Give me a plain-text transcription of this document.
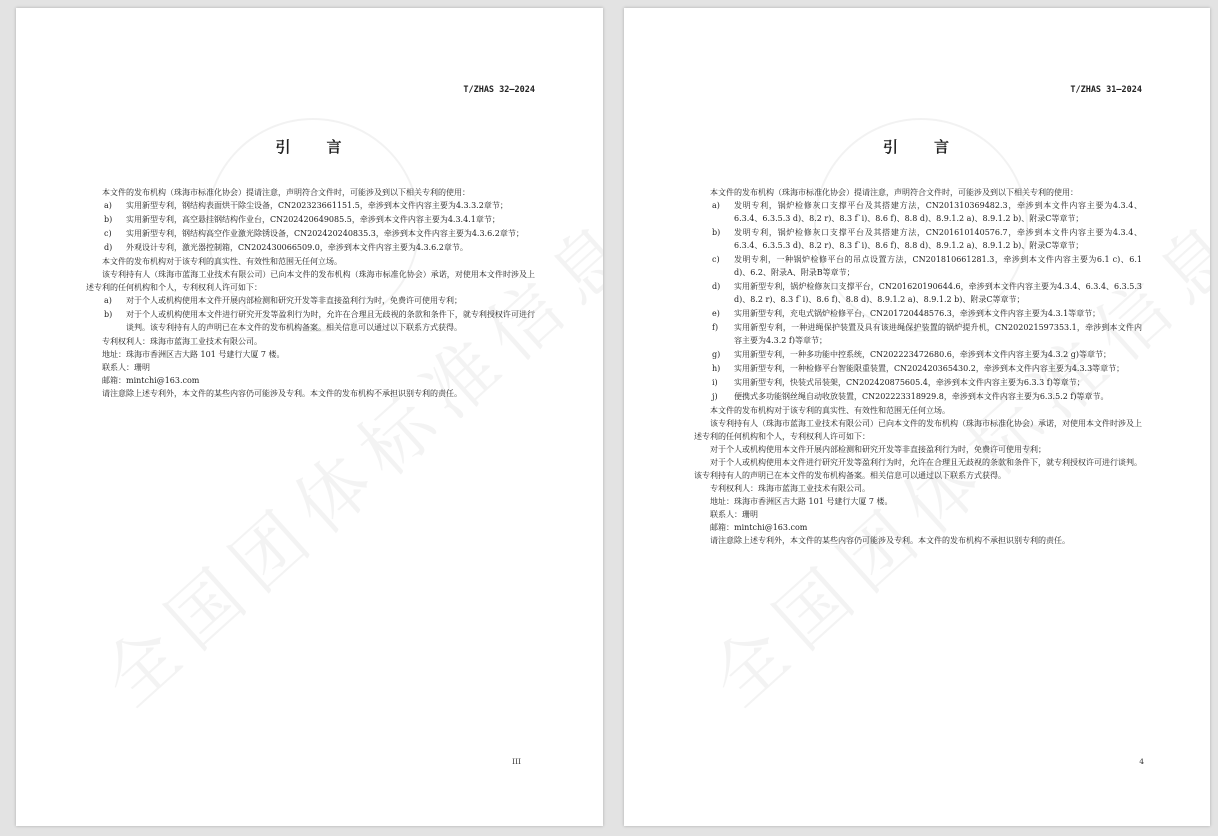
T/ZHAS 32—2024
引　　言

本文件的发布机构（珠海市标准化协会）提请注意，声明符合文件时，可能涉及到以下相关专利的使用：

a)	实用新型专利，钢结构表面烘干除尘设备，CN202323661151.5，牵涉到本文件内容主要为4.3.3.2章节；
b)	实用新型专利，高空悬挂钢结构作业台，CN202420649085.5，牵涉到本文件内容主要为4.3.4.1章节；
c)	实用新型专利，钢结构高空作业激光除锈设备，CN202420240835.3，牵涉到本文件内容主要为4.3.6.2章节；
d)	外观设计专利，激光器控制箱，CN202430066509.0，牵涉到本文件内容主要为4.3.6.2章节。

本文件的发布机构对于该专利的真实性、有效性和范围无任何立场。

该专利持有人（珠海市蓝海工业技术有限公司）已向本文件的发布机构（珠海市标准化协会）承诺，对使用本文件时涉及上述专利的任何机构和个人，专利权利人许可如下：

a)	对于个人或机构使用本文件开展内部检测和研究开发等非直接盈利行为时，免费许可使用专利；
b)	对于个人或机构使用本文件进行研究开发等盈利行为时，允许在合理且无歧视的条款和条件下，就专利授权许可进行谈判。该专利持有人的声明已在本文件的发布机构备案。相关信息可以通过以下联系方式获得。

专利权利人：珠海市蓝海工业技术有限公司。

地址：珠海市香洲区吉大路 101 号建行大厦 7 楼。

联系人：珊明

邮箱：mintchi@163.com

请注意除上述专利外，本文件的某些内容仍可能涉及专利。本文件的发布机构不承担识别专利的责任。

III
T/ZHAS 31—2024
引　　言

本文件的发布机构（珠海市标准化协会）提请注意，声明符合文件时，可能涉及到以下相关专利的使用：

a)	发明专利，锅炉检修灰口支撑平台及其搭建方法，CN201310369482.3，牵涉到本文件内容主要为4.3.4、6.3.4、6.3.5.3 d)、8.2 r)、8.3 f`i)、8.6 f)、8.8 d)、8.9.1.2 a)、8.9.1.2 b)、附录C等章节；
b)	发明专利，锅炉检修灰口支撑平台及其搭建方法，CN201610140576.7，牵涉到本文件内容主要为4.3.4、6.3.4、6.3.5.3 d)、8.2 r)、8.3 f`i)、8.6 f)、8.8 d)、8.9.1.2 a)、8.9.1.2 b)、附录C等章节；
c)	发明专利，一种锅炉检修平台的吊点设置方法，CN201810661281.3，牵涉到本文件内容主要为6.1 c)、6.1 d)、6.2、附录A、附录B等章节；
d)	实用新型专利，锅炉检修灰口支撑平台，CN201620190644.6，牵涉到本文件内容主要为4.3.4、6.3.4、6.3.5.3 d)、8.2 r)、8.3 f`i)、8.6 f)、8.8 d)、8.9.1.2 a)、8.9.1.2 b)、附录C等章节；
e)	实用新型专利，充电式锅炉检修平台，CN201720448576.3，牵涉到本文件内容主要为4.3.1等章节；
f)	实用新型专利，一种进绳保护装置及具有该进绳保护装置的锅炉提升机，CN202021597353.1，牵涉到本文件内容主要为4.3.2 f)等章节；
g)	实用新型专利，一种多功能中控系统，CN202223472680.6，牵涉到本文件内容主要为4.3.2 g)等章节；
h)	实用新型专利，一种检修平台智能限重装置，CN202420365430.2，牵涉到本文件内容主要为4.3.3等章节；
i)	实用新型专利，快装式吊装架，CN202420875605.4，牵涉到本文件内容主要为6.3.3 f)等章节；
j)	便携式多功能钢丝绳自动收放装置，CN202223318929.8，牵涉到本文件内容主要为6.3.5.2 f)等章节。

本文件的发布机构对于该专利的真实性、有效性和范围无任何立场。

该专利持有人（珠海市蓝海工业技术有限公司）已向本文件的发布机构（珠海市标准化协会）承诺，对使用本文件时涉及上述专利的任何机构和个人，专利权利人许可如下：

对于个人或机构使用本文件开展内部检测和研究开发等非直接盈利行为时，免费许可使用专利；

对于个人或机构使用本文件进行研究开发等盈利行为时，允许在合理且无歧视的条款和条件下，就专利授权许可进行谈判。该专利持有人的声明已在本文件的发布机构备案。相关信息可以通过以下联系方式获得。

专利权利人：珠海市蓝海工业技术有限公司。

地址：珠海市香洲区吉大路 101 号建行大厦 7 楼。

联系人：珊明

邮箱：mintchi@163.com

请注意除上述专利外，本文件的某些内容仍可能涉及专利。本文件的发布机构不承担识别专利的责任。

4
